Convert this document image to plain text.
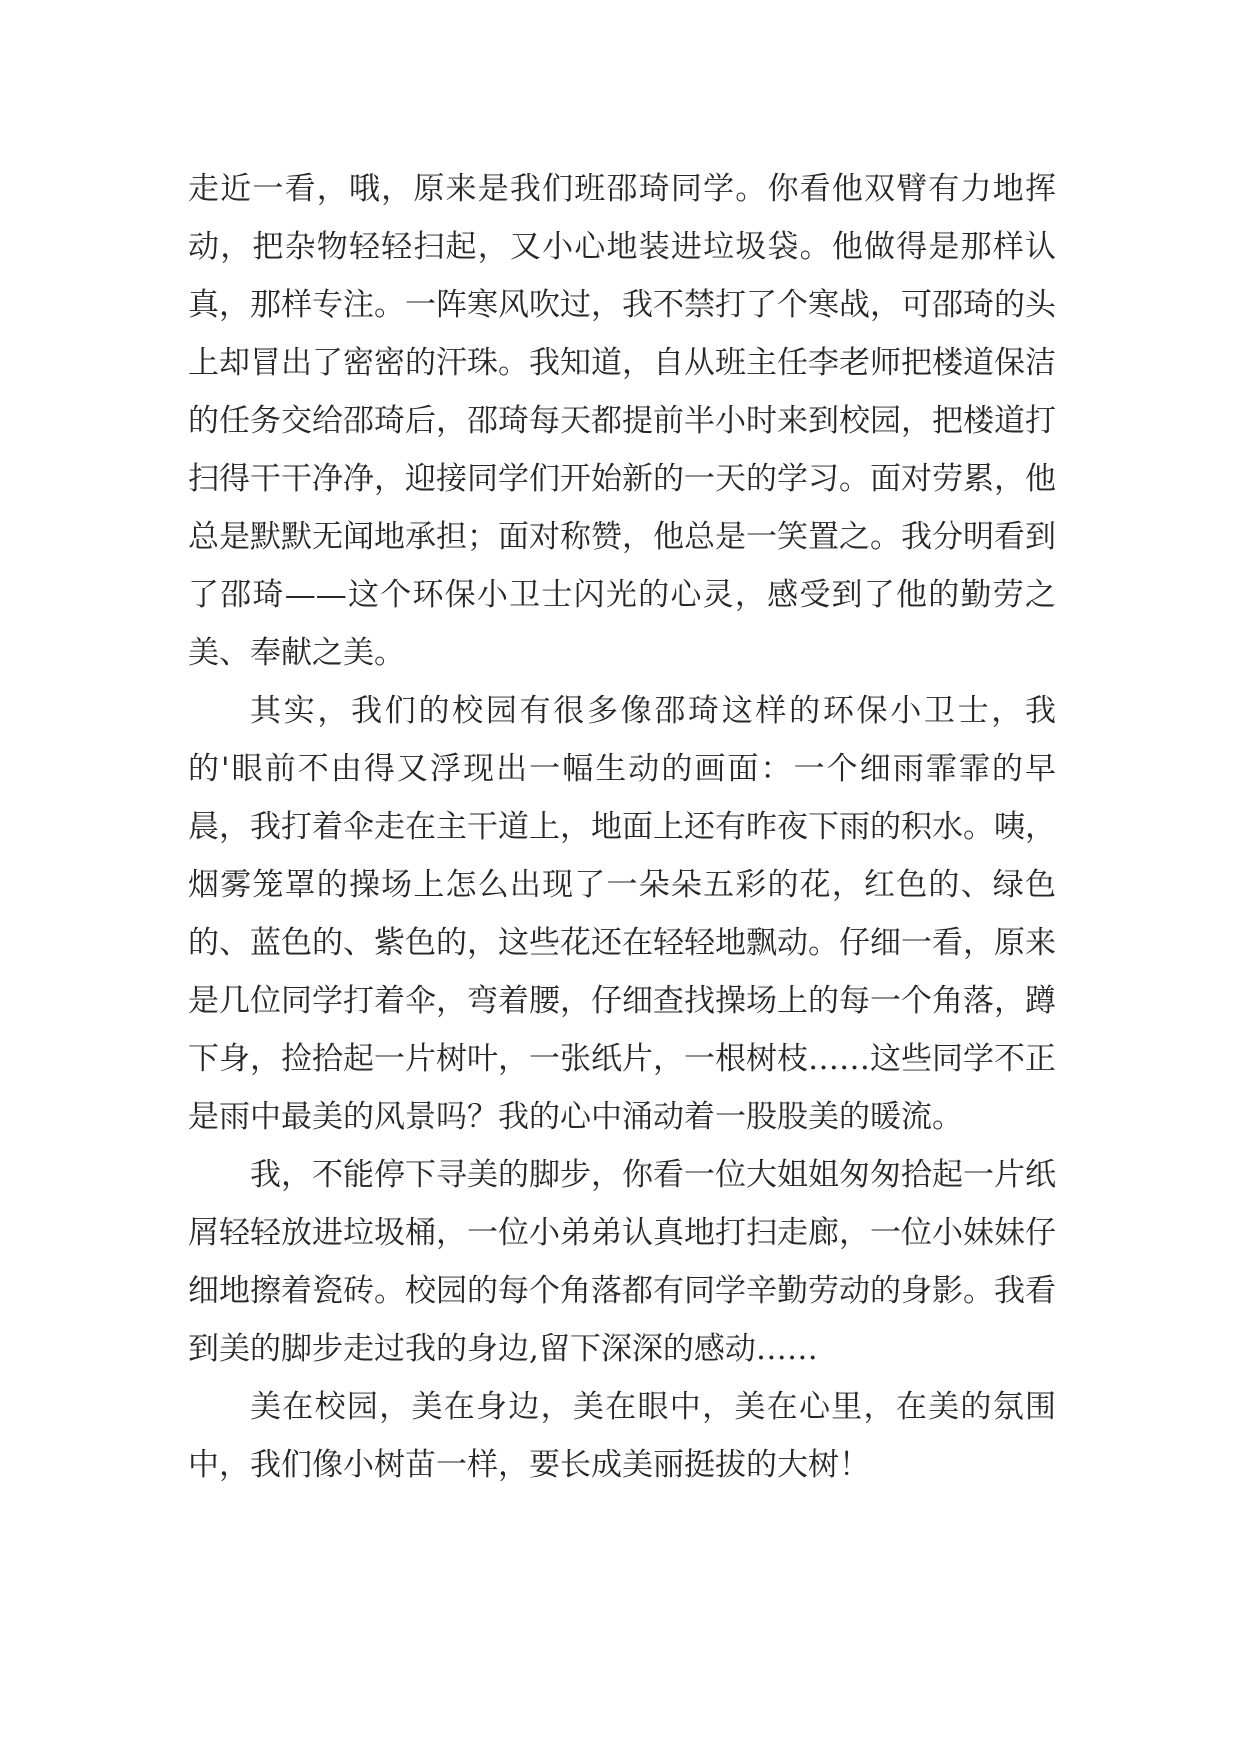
走近一看，哦，原来是我们班邵琦同学。你看他双臂有力地挥动，把杂物轻轻扫起，又小心地装进垃圾袋。他做得是那样认真，那样专注。一阵寒风吹过，我不禁打了个寒战，可邵琦的头上却冒出了密密的汗珠。我知道，自从班主任李老师把楼道保洁的任务交给邵琦后，邵琦每天都提前半小时来到校园，把楼道打扫得干干净净，迎接同学们开始新的一天的学习。面对劳累，他总是默默无闻地承担；面对称赞，他总是一笑置之。我分明看到了邵琦——这个环保小卫士闪光的心灵，感受到了他的勤劳之美、奉献之美。

其实，我们的校园有很多像邵琦这样的环保小卫士，我的'眼前不由得又浮现出一幅生动的画面：一个细雨霏霏的早晨，我打着伞走在主干道上，地面上还有昨夜下雨的积水。咦，烟雾笼罩的操场上怎么出现了一朵朵五彩的花，红色的、绿色的、蓝色的、紫色的，这些花还在轻轻地飘动。仔细一看，原来是几位同学打着伞，弯着腰，仔细查找操场上的每一个角落，蹲下身，捡拾起一片树叶，一张纸片，一根树枝……这些同学不正是雨中最美的风景吗？我的心中涌动着一股股美的暖流。

我，不能停下寻美的脚步，你看一位大姐姐匆匆拾起一片纸屑轻轻放进垃圾桶，一位小弟弟认真地打扫走廊，一位小妹妹仔细地擦着瓷砖。校园的每个角落都有同学辛勤劳动的身影。我看到美的脚步走过我的身边,留下深深的感动……

美在校园，美在身边，美在眼中，美在心里，在美的氛围中，我们像小树苗一样，要长成美丽挺拔的大树！
